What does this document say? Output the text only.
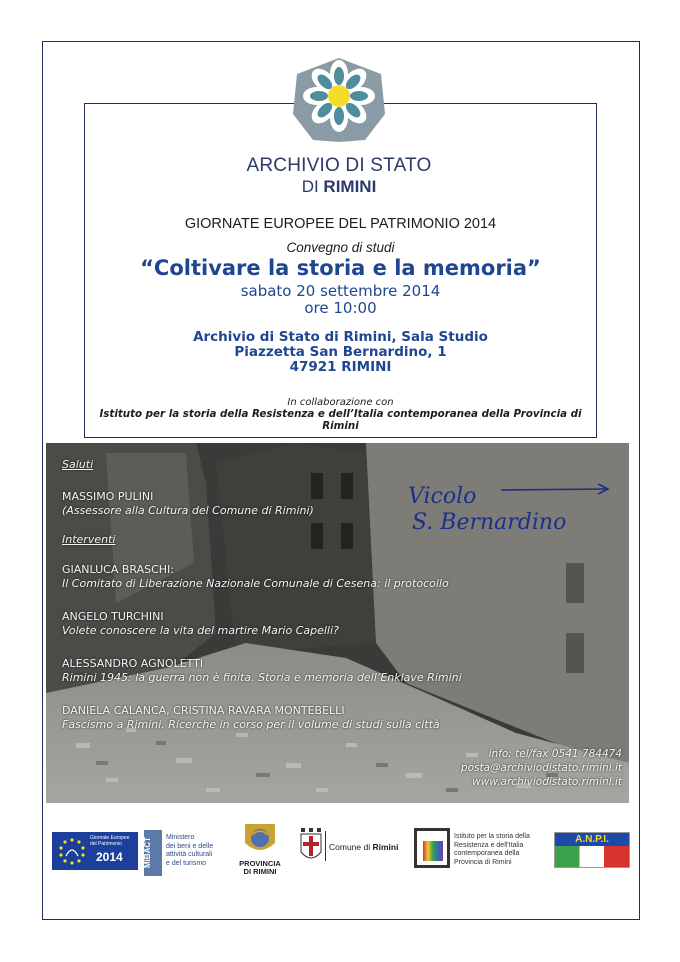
ARCHIVIO DI STATO
DI RIMINI
GIORNATE EUROPEE DEL PATRIMONIO 2014
Convegno di studi
“Coltivare la storia e la memoria”
sabato 20 settembre 2014
ore 10:00
Archivio di Stato di Rimini, Sala Studio
Piazzetta San Bernardino, 1
47921 RIMINI
In collaborazione con
Istituto per la storia della Resistenza e dell’Italia contemporanea della Provincia di Rimini
Vicolo
S. Bernardino
Saluti
MASSIMO PULINI
(Assessore alla Cultura del Comune di Rimini)
Interventi
GIANLUCA BRASCHI:
Il Comitato di Liberazione Nazionale Comunale di Cesena: il protocollo
ANGELO TURCHINI
Volete conoscere la vita del martire Mario Capelli?
ALESSANDRO AGNOLETTI
Rimini 1945: la guerra non è finita. Storia e memoria dell’Enklave Rimini
DANIELA CALANCA, CRISTINA RAVARA MONTEBELLI
Fascismo a Rimini. Ricerche in corso per il volume di studi sulla città
info: tel/fax 0541 784474
posta@archiviodistato.rimini.it
www.archiviodistato.rimini.it
Giornate Europee
del Patrimonio
2014	MiBACT Ministero
dei beni e delle
attività culturali
e del turismo	PROVINCIA
DI RIMINI
Comune di Rimini
Istituto per la storia della
Resistenza e dell'Italia
contemporanea della
Provincia di Rimini
A.N.P.I.
